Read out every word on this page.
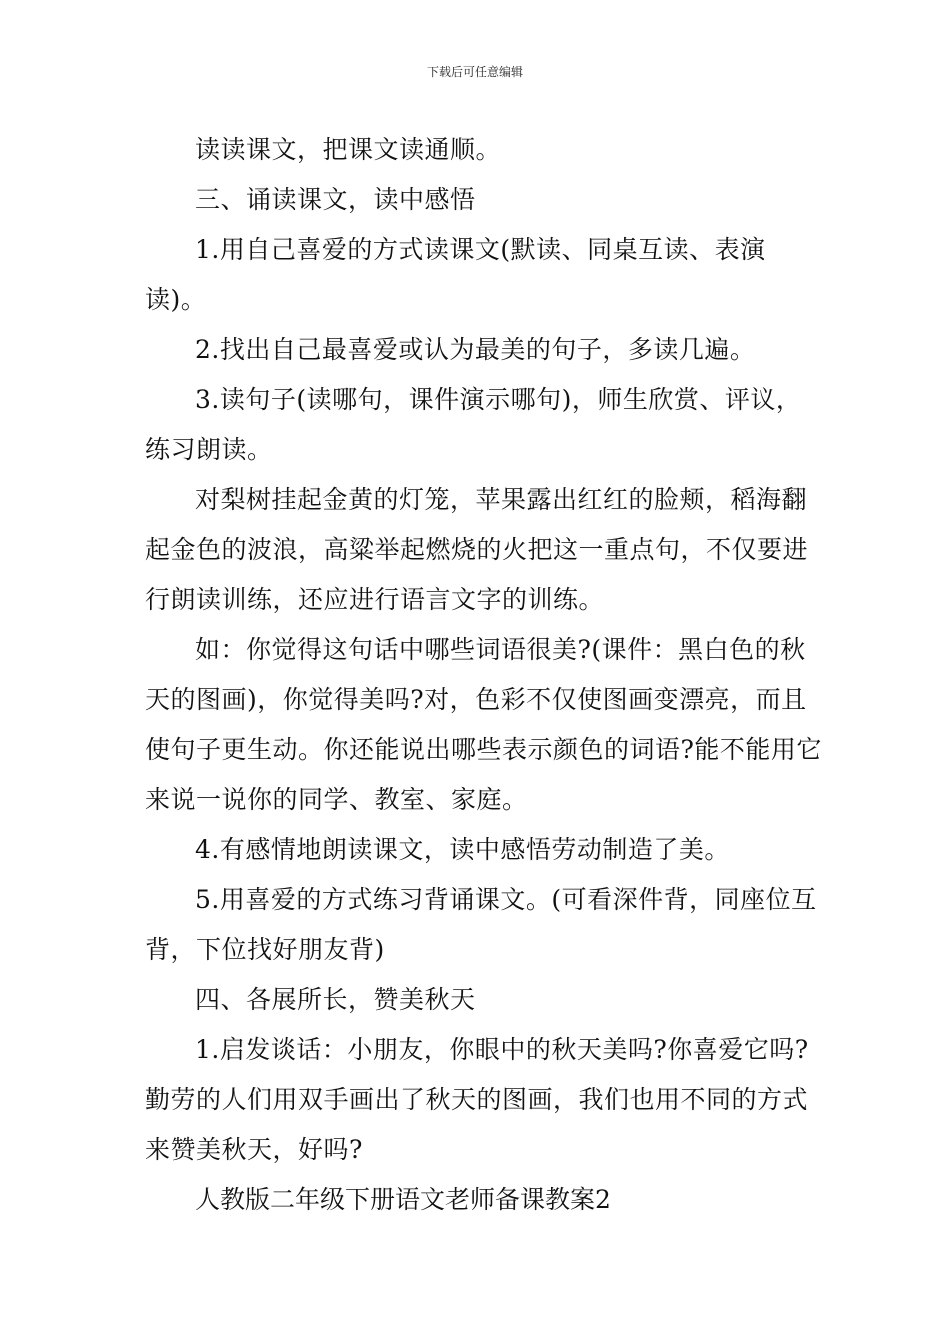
下载后可任意编辑

读读课文，把课文读通顺。

三、诵读课文，读中感悟

1.用自己喜爱的方式读课文(默读、同桌互读、表演读)。

2.找出自己最喜爱或认为最美的句子，多读几遍。

3.读句子(读哪句，课件演示哪句)，师生欣赏、评议，练习朗读。

对梨树挂起金黄的灯笼，苹果露出红红的脸颊，稻海翻起金色的波浪，高粱举起燃烧的火把这一重点句，不仅要进行朗读训练，还应进行语言文字的训练。

如：你觉得这句话中哪些词语很美?(课件：黑白色的秋天的图画)，你觉得美吗?对，色彩不仅使图画变漂亮，而且使句子更生动。你还能说出哪些表示颜色的词语?能不能用它来说一说你的同学、教室、家庭。

4.有感情地朗读课文，读中感悟劳动制造了美。

5.用喜爱的方式练习背诵课文。(可看深件背，同座位互背，下位找好朋友背)

四、各展所长，赞美秋天

1.启发谈话：小朋友，你眼中的秋天美吗?你喜爱它吗?勤劳的人们用双手画出了秋天的图画，我们也用不同的方式来赞美秋天，好吗?

人教版二年级下册语文老师备课教案2
